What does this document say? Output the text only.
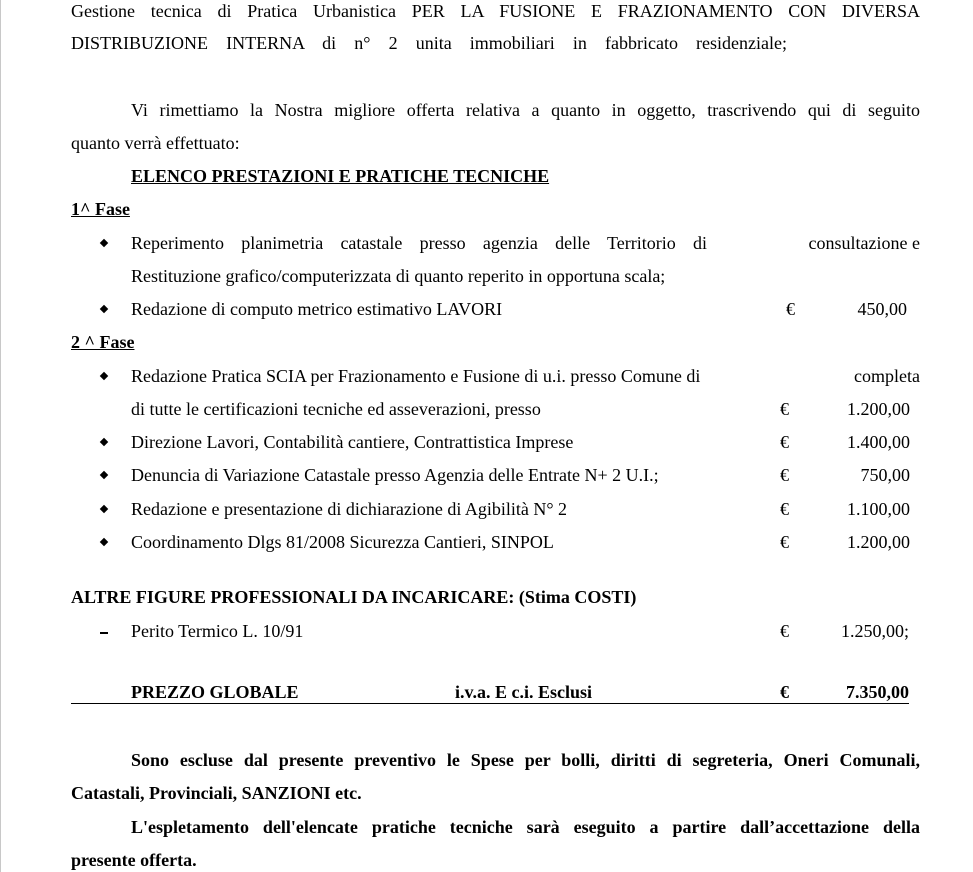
Gestione tecnica di Pratica Urbanistica PER LA FUSIONE E FRAZIONAMENTO CON DIVERSA
DISTRIBUZIONE INTERNA di n° 2 unita immobiliari in fabbricato residenziale;
Vi rimettiamo la Nostra migliore offerta relativa a quanto in oggetto, trascrivendo qui di seguito
quanto verrà effettuato:
ELENCO PRESTAZIONI E PRATICHE TECNICHE
1^ Fase
Reperimento planimetria catastale presso agenzia delle Territorio di	consultazione e
Restituzione grafico/computerizzata di quanto reperito in opportuna scala;
Redazione di computo metrico estimativo LAVORI	€	450,00
2 ^ Fase
Redazione Pratica SCIA per Frazionamento e Fusione di u.i. presso Comune di	completa
di tutte le certificazioni tecniche ed asseverazioni, presso	€	1.200,00
Direzione Lavori, Contabilità cantiere, Contrattistica Imprese	€	1.400,00
Denuncia di Variazione Catastale presso Agenzia delle Entrate N+ 2 U.I.;	€	750,00
Redazione e presentazione di dichiarazione di Agibilità N° 2	€	1.100,00
Coordinamento Dlgs 81/2008 Sicurezza Cantieri, SINPOL	€	1.200,00
ALTRE FIGURE PROFESSIONALI DA INCARICARE: (Stima COSTI)
Perito Termico L. 10/91	€	1.250,00;
PREZZO GLOBALE	i.v.a. E c.i. Esclusi	€	7.350,00
Sono escluse dal presente preventivo le Spese per bolli, diritti di segreteria, Oneri Comunali,
Catastali, Provinciali, SANZIONI etc.
L'espletamento dell'elencate pratiche tecniche sarà eseguito a partire dall’accettazione della
presente offerta.
